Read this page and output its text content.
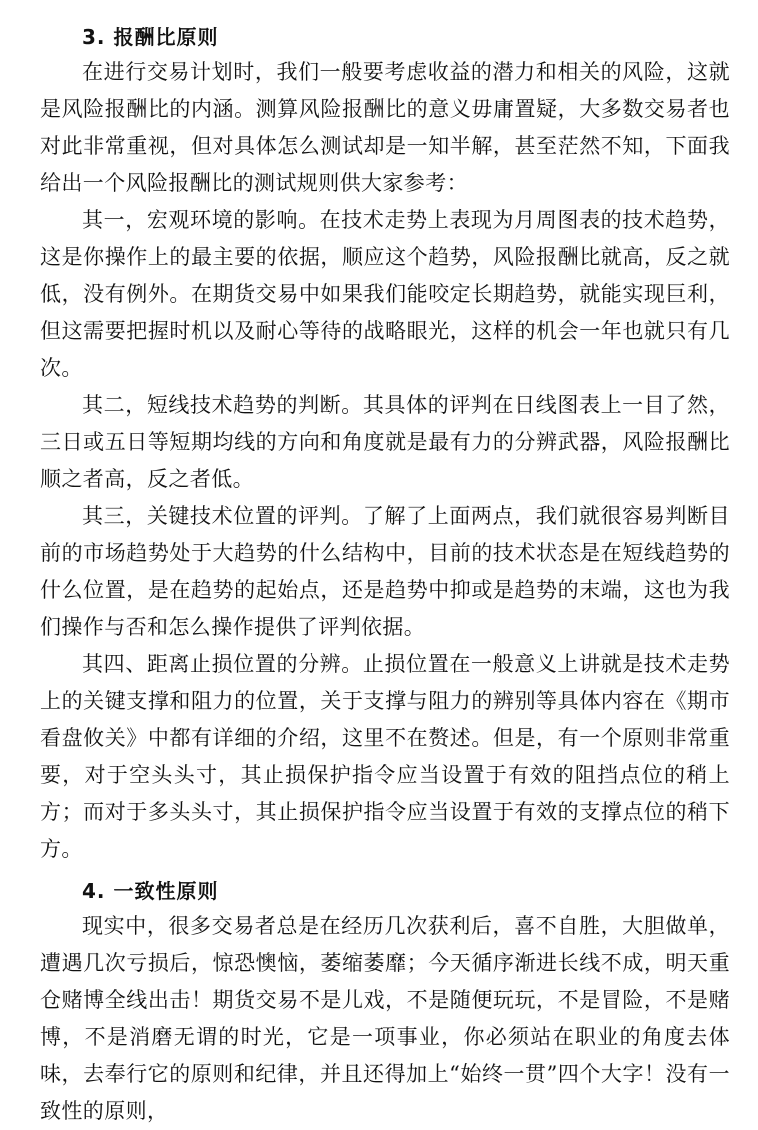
3. 报酬比原则

在进行交易计划时，我们一般要考虑收益的潜力和相关的风险，这就是风险报酬比的内涵。测算风险报酬比的意义毋庸置疑，大多数交易者也对此非常重视，但对具体怎么测试却是一知半解，甚至茫然不知，下面我给出一个风险报酬比的测试规则供大家参考：

其一，宏观环境的影响。在技术走势上表现为月周图表的技术趋势，这是你操作上的最主要的依据，顺应这个趋势，风险报酬比就高，反之就低，没有例外。在期货交易中如果我们能咬定长期趋势，就能实现巨利，但这需要把握时机以及耐心等待的战略眼光，这样的机会一年也就只有几次。

其二，短线技术趋势的判断。其具体的评判在日线图表上一目了然，三日或五日等短期均线的方向和角度就是最有力的分辨武器，风险报酬比顺之者高，反之者低。

其三，关键技术位置的评判。了解了上面两点，我们就很容易判断目前的市场趋势处于大趋势的什么结构中，目前的技术状态是在短线趋势的什么位置，是在趋势的起始点，还是趋势中抑或是趋势的末端，这也为我们操作与否和怎么操作提供了评判依据。

其四、距离止损位置的分辨。止损位置在一般意义上讲就是技术走势上的关键支撑和阻力的位置，关于支撑与阻力的辨别等具体内容在《期市看盘攸关》中都有详细的介绍，这里不在赘述。但是，有一个原则非常重要，对于空头头寸，其止损保护指令应当设置于有效的阻挡点位的稍上方；而对于多头头寸，其止损保护指令应当设置于有效的支撑点位的稍下方。

4. 一致性原则

现实中，很多交易者总是在经历几次获利后，喜不自胜，大胆做单，遭遇几次亏损后，惊恐懊恼，萎缩萎靡；今天循序渐进长线不成，明天重仓赌博全线出击！期货交易不是儿戏，不是随便玩玩，不是冒险，不是赌博，不是消磨无谓的时光，它是一项事业，你必须站在职业的角度去体味，去奉行它的原则和纪律，并且还得加上“始终一贯”四个大字！没有一致性的原则，
